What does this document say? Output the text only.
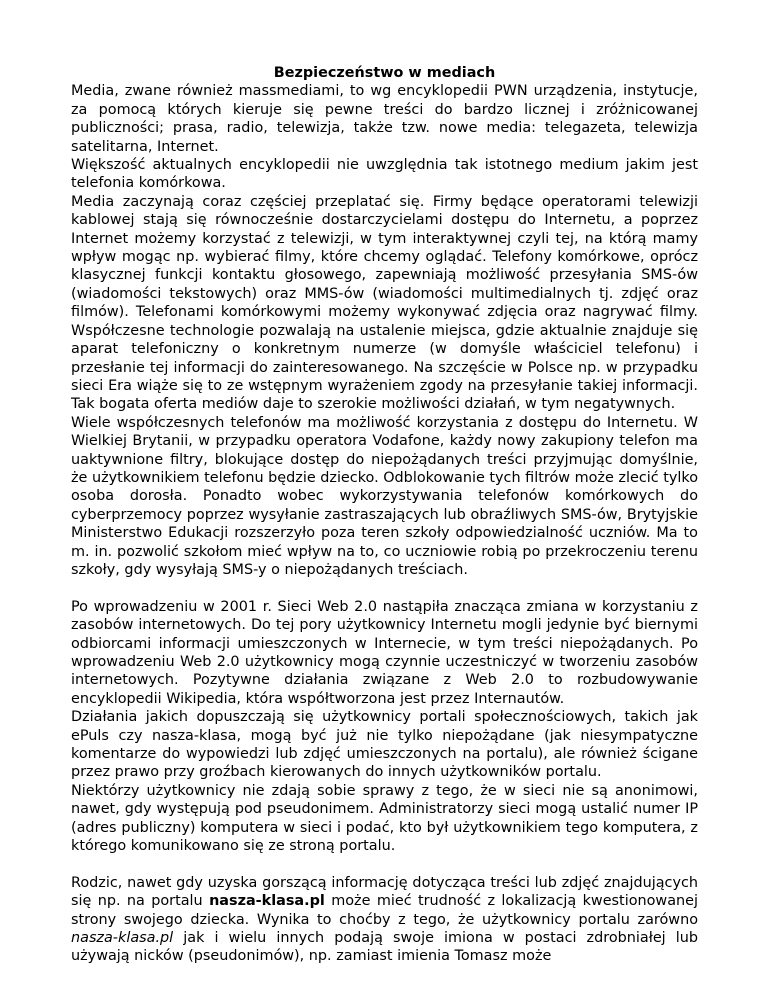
Bezpieczeństwo w mediach

Media, zwane również massmediami, to wg encyklopedii PWN urządzenia, instytucje, za pomocą których kieruje się pewne treści do bardzo licznej i zróżnicowanej publiczności; prasa, radio, telewizja, także tzw. nowe media: telegazeta, telewizja satelitarna, Internet.

Większość aktualnych encyklopedii nie uwzględnia tak istotnego medium jakim jest telefonia komórkowa.

Media zaczynają coraz częściej przeplatać się. Firmy będące operatorami telewizji kablowej stają się równocześnie dostarczycielami dostępu do Internetu, a poprzez Internet możemy korzystać z telewizji, w tym interaktywnej czyli tej, na którą mamy wpływ mogąc np. wybierać filmy, które chcemy oglądać. Telefony komórkowe, oprócz klasycznej funkcji kontaktu głosowego, zapewniają możliwość przesyłania SMS-ów (wiadomości tekstowych) oraz MMS-ów (wiadomości multimedialnych tj. zdjęć oraz filmów). Telefonami komórkowymi możemy wykonywać zdjęcia oraz nagrywać filmy. Współczesne technologie pozwalają na ustalenie miejsca, gdzie aktualnie znajduje się aparat telefoniczny o konkretnym numerze (w domyśle właściciel telefonu) i przesłanie tej informacji do zainteresowanego. Na szczęście w Polsce np. w przypadku sieci Era wiąże się to ze wstępnym wyrażeniem zgody na przesyłanie takiej informacji. Tak bogata oferta mediów daje to szerokie możliwości działań, w tym negatywnych.

Wiele współczesnych telefonów ma możliwość korzystania z dostępu do Internetu. W Wielkiej Brytanii, w przypadku operatora Vodafone, każdy nowy zakupiony telefon ma uaktywnione filtry, blokujące dostęp do niepożądanych treści przyjmując domyślnie, że użytkownikiem telefonu będzie dziecko. Odblokowanie tych filtrów może zlecić tylko osoba dorosła. Ponadto wobec wykorzystywania telefonów komórkowych do cyberprzemocy poprzez wysyłanie zastraszających lub obraźliwych SMS-ów, Brytyjskie Ministerstwo Edukacji rozszerzyło poza teren szkoły odpowiedzialność uczniów. Ma to m. in. pozwolić szkołom mieć wpływ na to, co uczniowie robią po przekroczeniu terenu szkoły, gdy wysyłają SMS-y o niepożądanych treściach.

Po wprowadzeniu w 2001 r. Sieci Web 2.0 nastąpiła znacząca zmiana w korzystaniu z zasobów internetowych. Do tej pory użytkownicy Internetu mogli jedynie być biernymi odbiorcami informacji umieszczonych w Internecie, w tym treści niepożądanych. Po wprowadzeniu Web 2.0 użytkownicy mogą czynnie uczestniczyć w tworzeniu zasobów internetowych. Pozytywne działania związane z Web 2.0 to rozbudowywanie encyklopedii Wikipedia, która współtworzona jest przez Internautów.

Działania jakich dopuszczają się użytkownicy portali społecznościowych, takich jak ePuls czy nasza-klasa, mogą być już nie tylko niepożądane (jak niesympatyczne komentarze do wypowiedzi lub zdjęć umieszczonych na portalu), ale również ścigane przez prawo przy groźbach kierowanych do innych użytkowników portalu.

Niektórzy użytkownicy nie zdają sobie sprawy z tego, że w sieci nie są anonimowi, nawet, gdy występują pod pseudonimem. Administratorzy sieci mogą ustalić numer IP (adres publiczny) komputera w sieci i podać, kto był użytkownikiem tego komputera, z którego komunikowano się ze stroną portalu.

Rodzic, nawet gdy uzyska gorszącą informację dotycząca treści lub zdjęć znajdujących się np. na portalu nasza-klasa.pl może mieć trudność z lokalizacją kwestionowanej strony swojego dziecka. Wynika to choćby z tego, że użytkownicy portalu zarówno nasza-klasa.pl jak i wielu innych podają swoje imiona w postaci zdrobniałej lub używają nicków (pseudonimów), np. zamiast imienia Tomasz może
